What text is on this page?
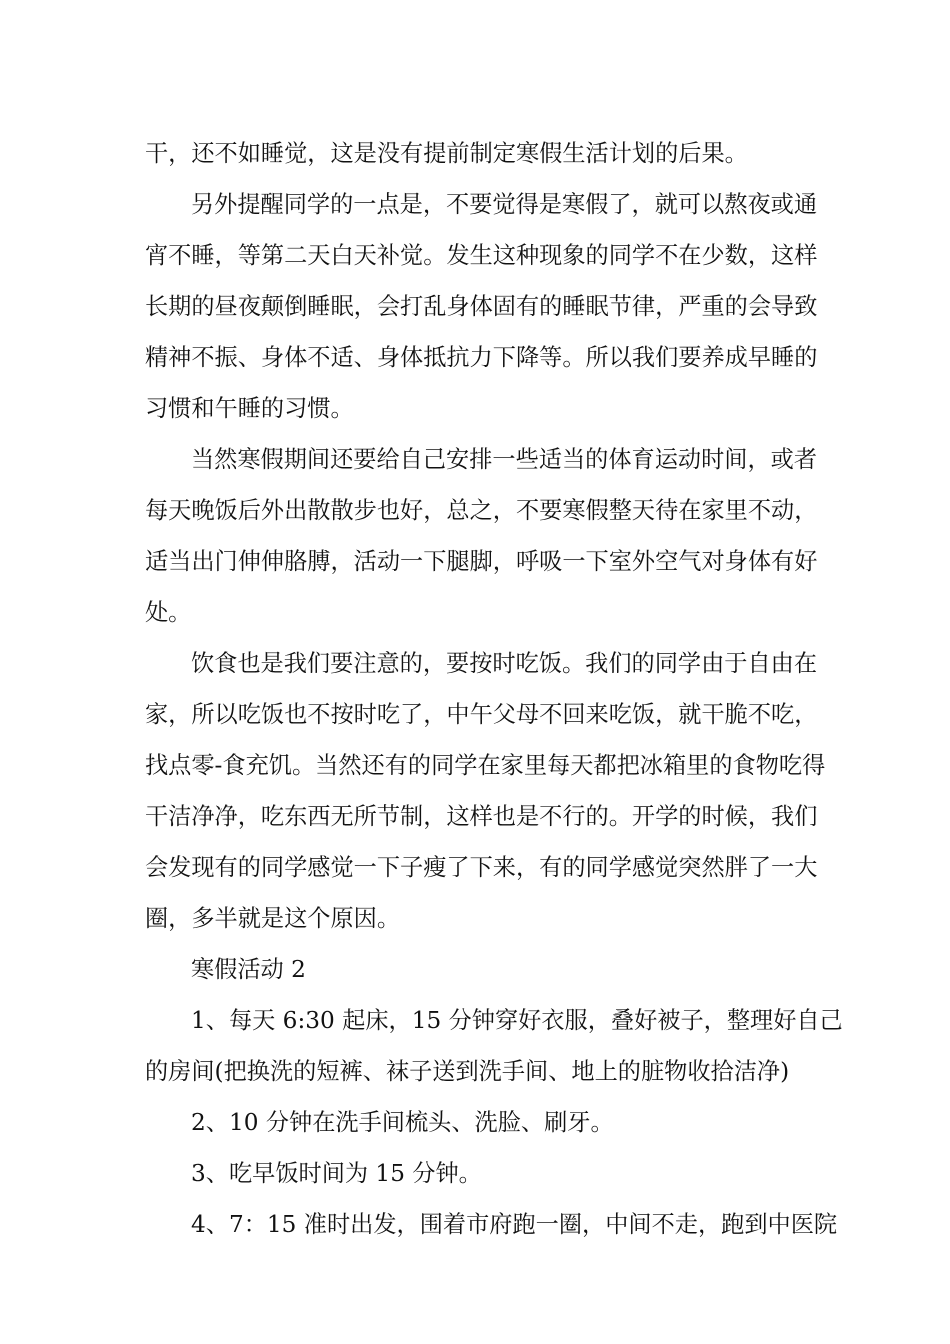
干，还不如睡觉，这是没有提前制定寒假生活计划的后果。
另外提醒同学的一点是，不要觉得是寒假了，就可以熬夜或通
宵不睡，等第二天白天补觉。发生这种现象的同学不在少数，这样
长期的昼夜颠倒睡眠，会打乱身体固有的睡眠节律，严重的会导致
精神不振、身体不适、身体抵抗力下降等。所以我们要养成早睡的
习惯和午睡的习惯。
当然寒假期间还要给自己安排一些适当的体育运动时间，或者
每天晚饭后外出散散步也好，总之，不要寒假整天待在家里不动，
适当出门伸伸胳膊，活动一下腿脚，呼吸一下室外空气对身体有好
处。
饮食也是我们要注意的，要按时吃饭。我们的同学由于自由在
家，所以吃饭也不按时吃了，中午父母不回来吃饭，就干脆不吃，
找点零-食充饥。当然还有的同学在家里每天都把冰箱里的食物吃得
干洁净净，吃东西无所节制，这样也是不行的。开学的时候，我们
会发现有的同学感觉一下子瘦了下来，有的同学感觉突然胖了一大
圈，多半就是这个原因。
寒假活动 2
1、每天 6:30 起床，15 分钟穿好衣服，叠好被子，整理好自己
的房间(把换洗的短裤、袜子送到洗手间、地上的脏物收拾洁净)
2、10 分钟在洗手间梳头、洗脸、刷牙。
3、吃早饭时间为 15 分钟。
4、7：15 准时出发，围着市府跑一圈，中间不走，跑到中医院
